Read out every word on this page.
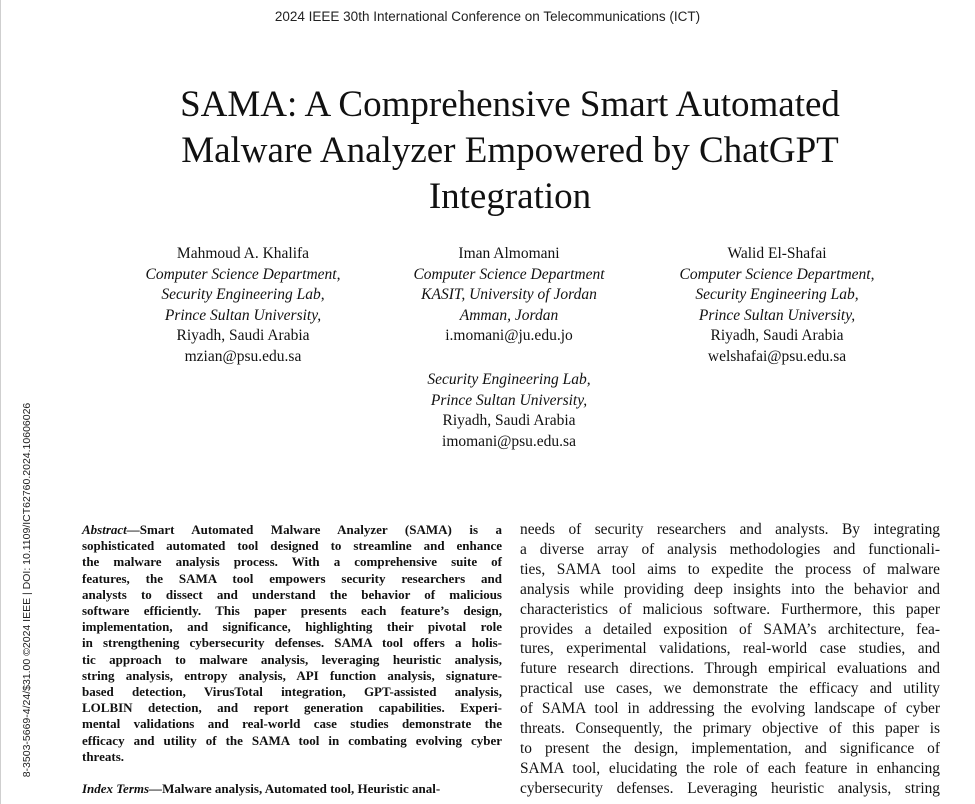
8-3503-5669-4/24/$31.00 ©2024 IEEE | DOI: 10.1109/ICT62760.2024.10606026
2024 IEEE 30th International Conference on Telecommunications (ICT)
SAMA: A Comprehensive Smart Automated
Malware Analyzer Empowered by ChatGPT
Integration
Mahmoud A. Khalifa
Computer Science Department,
Security Engineering Lab,
Prince Sultan University,
Riyadh, Saudi Arabia
mzian@psu.edu.sa
Iman Almomani
Computer Science Department
KASIT, University of Jordan
Amman, Jordan
i.momani@ju.edu.jo
Security Engineering Lab,
Prince Sultan University,
Riyadh, Saudi Arabia
imomani@psu.edu.sa
Walid El-Shafai
Computer Science Department,
Security Engineering Lab,
Prince Sultan University,
Riyadh, Saudi Arabia
welshafai@psu.edu.sa
Abstract—Smart Automated Malware Analyzer (SAMA) is a
sophisticated automated tool designed to streamline and enhance
the malware analysis process. With a comprehensive suite of
features, the SAMA tool empowers security researchers and
analysts to dissect and understand the behavior of malicious
software efficiently. This paper presents each feature’s design,
implementation, and significance, highlighting their pivotal role
in strengthening cybersecurity defenses. SAMA tool offers a holis-
tic approach to malware analysis, leveraging heuristic analysis,
string analysis, entropy analysis, API function analysis, signature-
based detection, VirusTotal integration, GPT-assisted analysis,
LOLBIN detection, and report generation capabilities. Experi-
mental validations and real-world case studies demonstrate the
efficacy and utility of the SAMA tool in combating evolving cyber
threats.
Index Terms—Malware analysis, Automated tool, Heuristic anal-
needs of security researchers and analysts. By integrating
a diverse array of analysis methodologies and functionali-
ties, SAMA tool aims to expedite the process of malware
analysis while providing deep insights into the behavior and
characteristics of malicious software. Furthermore, this paper
provides a detailed exposition of SAMA’s architecture, fea-
tures, experimental validations, real-world case studies, and
future research directions. Through empirical evaluations and
practical use cases, we demonstrate the efficacy and utility
of SAMA tool in addressing the evolving landscape of cyber
threats. Consequently, the primary objective of this paper is
to present the design, implementation, and significance of
SAMA tool, elucidating the role of each feature in enhancing
cybersecurity defenses. Leveraging heuristic analysis, string
